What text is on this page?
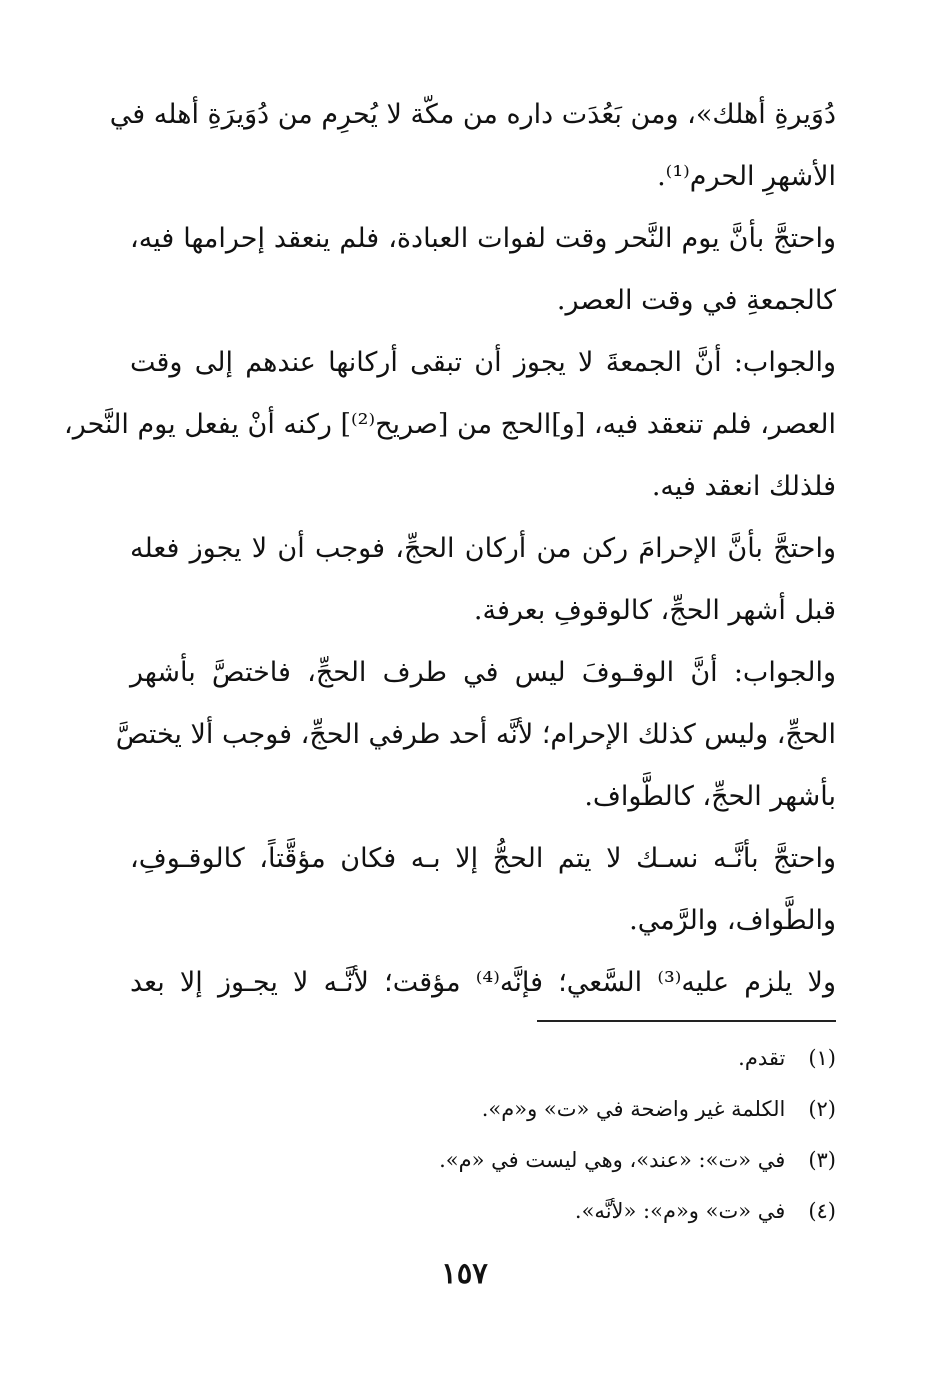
دُوَيرةِ أهلك»، ومن بَعُدَت داره من مكّة لا يُحرِم من دُوَيرَةِ أهله في
الأشهرِ الحرم⁽¹⁾.
واحتجَّ بأنَّ يوم النَّحر وقت لفوات العبادة، فلم ينعقد إحرامها فيه،
كالجمعةِ في وقت العصر.
والجواب: أنَّ الجمعةَ لا يجوز أن تبقى أركانها عندهم إلى وقت
العصر، فلم تنعقد فيه، [و]الحج من [صريح⁽²⁾] ركنه أنْ يفعل يوم النَّحر،
فلذلك انعقد فيه.
واحتجَّ بأنَّ الإحرامَ ركن من أركان الحجِّ، فوجب أن لا يجوز فعله
قبل أشهر الحجِّ، كالوقوفِ بعرفة.
والجواب: أنَّ الوقـوفَ ليس في طرف الحجِّ، فاختصَّ بأشهر
الحجِّ، وليس كذلك الإحرام؛ لأنَّه أحد طرفي الحجِّ، فوجب ألا يختصَّ
بأشهر الحجِّ، كالطَّواف.
واحتجَّ بأنَّـه نسـك لا يتم الحجُّ إلا بـه فكان مؤقَّتاً، كالوقـوفِ،
والطَّواف، والرَّمي.
ولا يلزم عليه⁽³⁾ السَّعي؛ فإنَّه⁽⁴⁾ مؤقت؛ لأنَّـه لا يجـوز إلا بعد
(١) تقدم.
(٢) الكلمة غير واضحة في «ت» و«م».
(٣) في «ت»: «عند»، وهي ليست في «م».
(٤) في «ت» و«م»: «لأنَّه».
١٥٧
